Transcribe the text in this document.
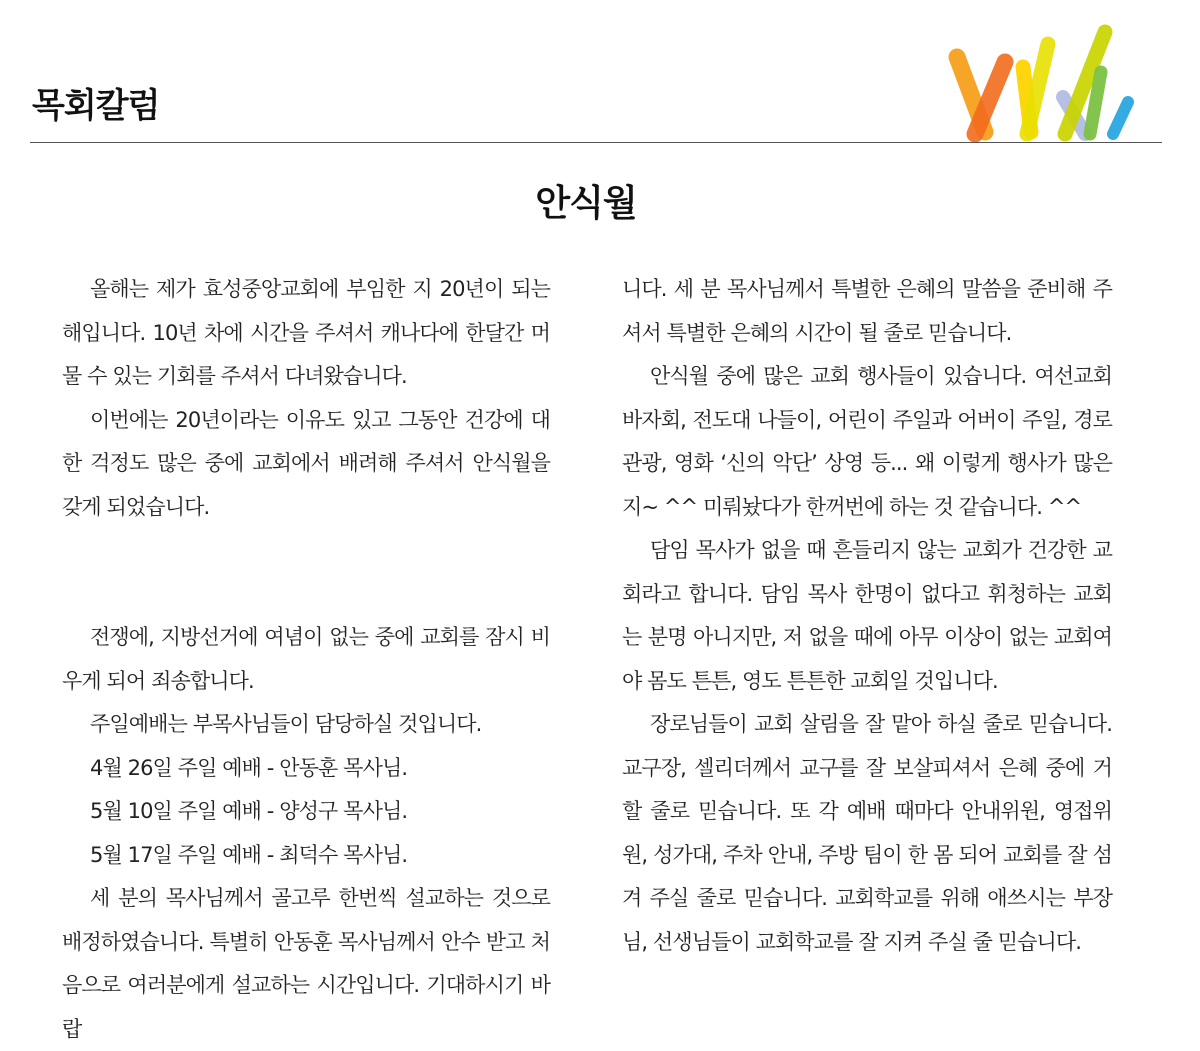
목회칼럼
안식월

올해는 제가 효성중앙교회에 부임한 지 20년이 되는 해입니다. 10년 차에 시간을 주셔서 캐나다에 한달간 머물 수 있는 기회를 주셔서 다녀왔습니다.

이번에는 20년이라는 이유도 있고 그동안 건강에 대한 걱정도 많은 중에 교회에서 배려해 주셔서 안식월을 갖게 되었습니다.

전쟁에, 지방선거에 여념이 없는 중에 교회를 잠시 비우게 되어 죄송합니다.

주일예배는 부목사님들이 담당하실 것입니다.

4월 26일 주일 예배 - 안동훈 목사님.

5월 10일 주일 예배 - 양성구 목사님.

5월 17일 주일 예배 - 최덕수 목사님.

세 분의 목사님께서 골고루 한번씩 설교하는 것으로 배정하였습니다. 특별히 안동훈 목사님께서 안수 받고 처음으로 여러분에게 설교하는 시간입니다. 기대하시기 바랍

니다. 세 분 목사님께서 특별한 은혜의 말씀을 준비해 주셔서 특별한 은혜의 시간이 될 줄로 믿습니다.

안식월 중에 많은 교회 행사들이 있습니다. 여선교회 바자회, 전도대 나들이, 어린이 주일과 어버이 주일, 경로 관광, 영화 ‘신의 악단’ 상영 등... 왜 이렇게 행사가 많은지~ ^^ 미뤄놨다가 한꺼번에 하는 것 같습니다. ^^

담임 목사가 없을 때 흔들리지 않는 교회가 건강한 교회라고 합니다. 담임 목사 한명이 없다고 휘청하는 교회는 분명 아니지만, 저 없을 때에 아무 이상이 없는 교회여야 몸도 튼튼, 영도 튼튼한 교회일 것입니다.

장로님들이 교회 살림을 잘 맡아 하실 줄로 믿습니다. 교구장, 셀리더께서 교구를 잘 보살피셔서 은혜 중에 거할 줄로 믿습니다. 또 각 예배 때마다 안내위원, 영접위원, 성가대, 주차 안내, 주방 팀이 한 몸 되어 교회를 잘 섬겨 주실 줄로 믿습니다. 교회학교를 위해 애쓰시는 부장님, 선생님들이 교회학교를 잘 지켜 주실 줄 믿습니다.
